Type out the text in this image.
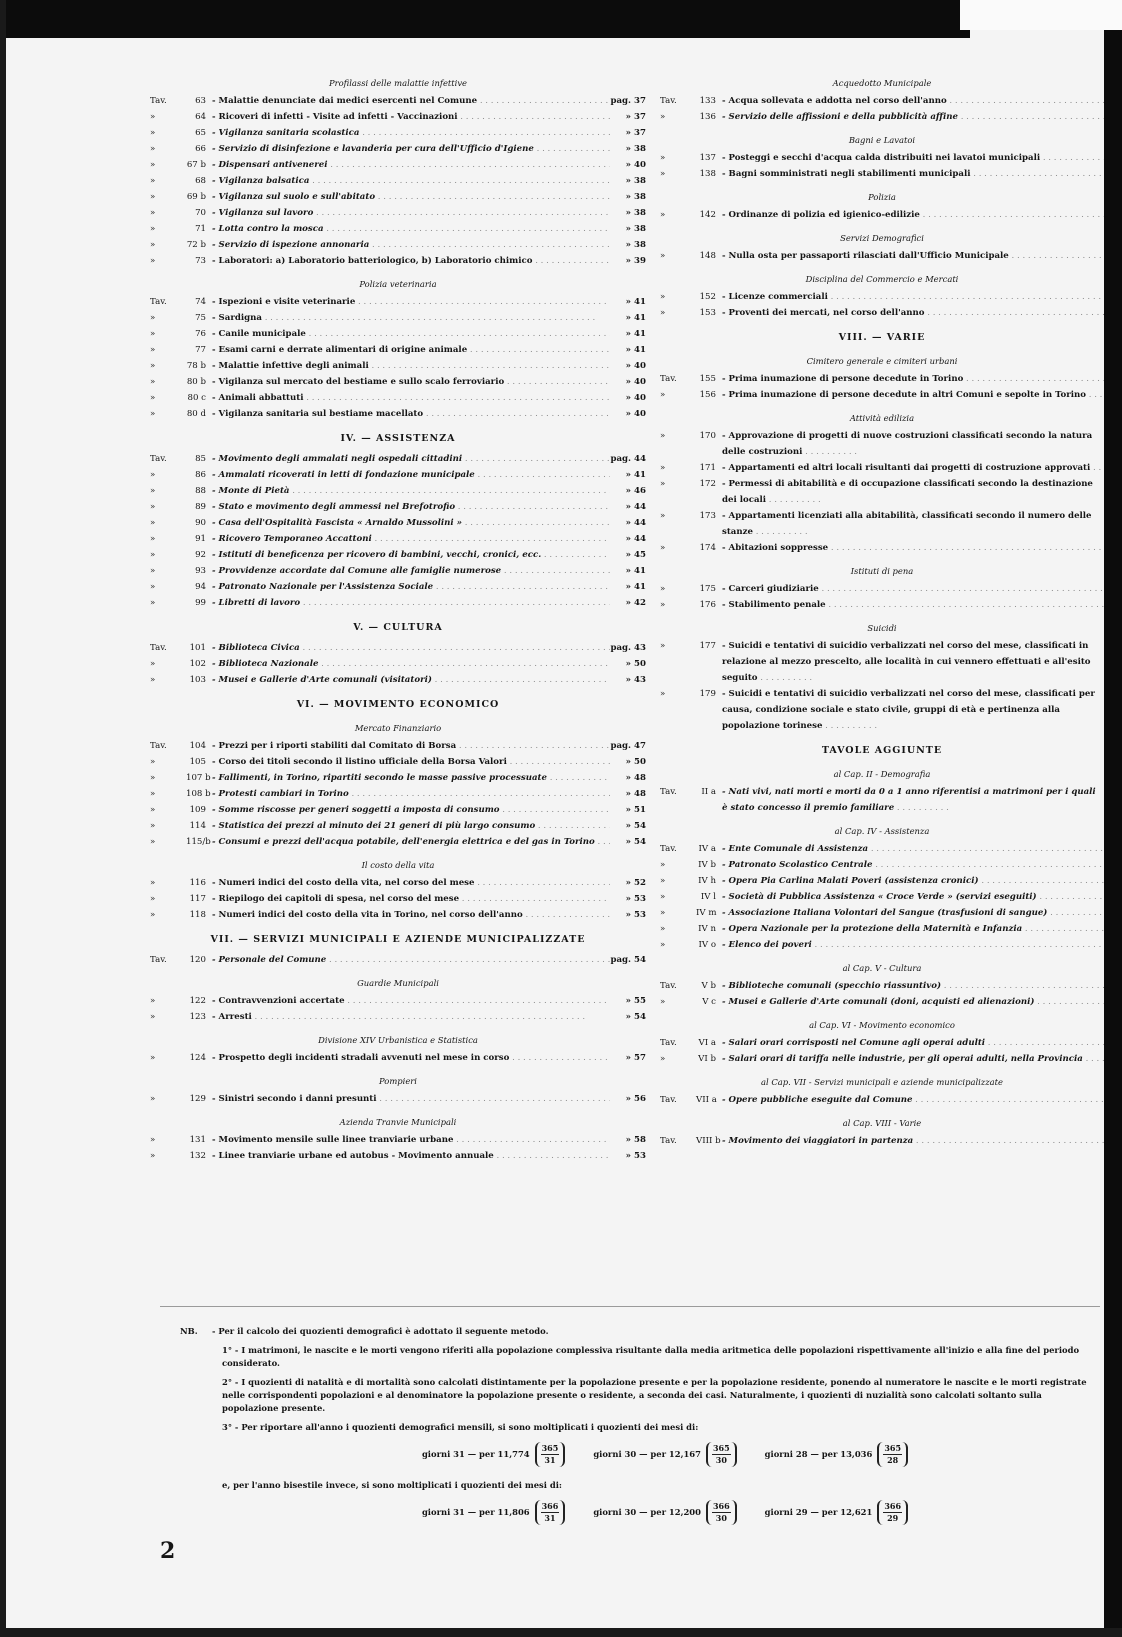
Profilassi delle malattie infettive
Tav.	63 - Malattie denunciate dai medici esercenti nel Comune . . .	pag. 37
»	64 - Ricoveri di infetti - Visite ad infetti - Vaccinazioni . . .	» 37
»	65 - Vigilanza sanitaria scolastica . . .	» 37
»	66 - Servizio di disinfezione e lavanderia per cura dell'Ufficio d'Igiene . . .	» 38
»	67 b - Dispensari antivenerei . . .	» 40
»	68 - Vigilanza balsatica . . .	» 38
»	69 b - Vigilanza sul suolo e sull'abitato . . .	» 38
»	70 - Vigilanza sul lavoro . . .	» 38
»	71 - Lotta contro la mosca . . .	» 38
»	72 b - Servizio di ispezione annonaria . . .	» 38
»	73 - Laboratori: a) Laboratorio batteriologico, b) Laboratorio chimico . . .	» 39
Polizia veterinaria
Tav.	74 - Ispezioni e visite veterinarie . . .	» 41
»	75 - Sardigna . . .	» 41
»	76 - Canile municipale . . .	» 41
»	77 - Esami carni e derrate alimentari di origine animale . . .	» 41
»	78 b - Malattie infettive degli animali . . .	» 40
»	80 b - Vigilanza sul mercato del bestiame e sullo scalo ferroviario . . .	» 40
»	80 c - Animali abbattuti . . .	» 40
»	80 d - Vigilanza sanitaria sul bestiame macellato . . .	» 40
IV. — ASSISTENZA
Tav.	85 - Movimento degli ammalati negli ospedali cittadini . . .	pag. 44
»	86 - Ammalati ricoverati in letti di fondazione municipale . . .	» 41
»	88 - Monte di Pietà . . .	» 46
»	89 - Stato e movimento degli ammessi nel Brefotrofio . . .	» 44
»	90 - Casa dell'Ospitalità Fascista « Arnaldo Mussolini » . . .	» 44
»	91 - Ricovero Temporaneo Accattoni . . .	» 44
»	92 - Istituti di beneficenza per ricovero di bambini, vecchi, cronici, ecc. . . .	» 45
»	93 - Provvidenze accordate dal Comune alle famiglie numerose . . .	» 41
»	94 - Patronato Nazionale per l'Assistenza Sociale . . .	» 41
»	99 - Libretti di lavoro . . .	» 42
V. — CULTURA
Tav.	101 - Biblioteca Civica . . .	pag. 43
»	102 - Biblioteca Nazionale . . .	» 50
»	103 - Musei e Gallerie d'Arte comunali (visitatori) . . .	» 43
VI. — MOVIMENTO ECONOMICO
Mercato Finanziario
Tav.	104 - Prezzi per i riporti stabiliti dal Comitato di Borsa . . .	pag. 47
»	105 - Corso dei titoli secondo il listino ufficiale della Borsa Valori . . .	» 50
»	107 b - Fallimenti, in Torino, ripartiti secondo le masse passive processuate . . .	» 48
»	108 b - Protesti cambiari in Torino . . .	» 48
»	109 - Somme riscosse per generi soggetti a imposta di consumo . . .	» 51
»	114 - Statistica dei prezzi al minuto dei 21 generi di più largo consumo . . .	» 54
»	115/b - Consumi e prezzi dell'acqua potabile, dell'energia elettrica e del gas in Torino . . .	» 54
Il costo della vita
»	116 - Numeri indici del costo della vita, nel corso del mese . . .	» 52
»	117 - Riepilogo dei capitoli di spesa, nel corso del mese . . .	» 53
»	118 - Numeri indici del costo della vita in Torino, nel corso dell'anno . . .	» 53
VII. — SERVIZI MUNICIPALI E AZIENDE MUNICIPALIZZATE
Tav.	120 - Personale del Comune . . .	pag. 54
Guardie Municipali
»	122 - Contravvenzioni accertate . . .	» 55
»	123 - Arresti . . .	» 54
Divisione XIV Urbanistica e Statistica
»	124 - Prospetto degli incidenti stradali avvenuti nel mese in corso . . .	» 57
Pompieri
»	129 - Sinistri secondo i danni presunti . . .	» 56
Azienda Tranvie Municipali
»	131 - Movimento mensile sulle linee tranviarie urbane . . .	» 58
»	132 - Linee tranviarie urbane ed autobus - Movimento annuale . . .	» 53
Acquedotto Municipale
Tav.	133 - Acqua sollevata e addotta nel corso dell'anno . . .
»	136 - Servizio delle affissioni e della pubblicità affine . . .
Bagni e Lavatoi
»	137 - Posteggi e secchi d'acqua calda distribuiti nei lavatoi municipali . . .
»	138 - Bagni somministrati negli stabilimenti municipali . . .
Polizia
»	142 - Ordinanze di polizia ed igienico-edilizie . . .
Servizi Demografici
»	148 - Nulla osta per passaporti rilasciati dall'Ufficio Municipale . . .
Disciplina del Commercio e Mercati
»	152 - Licenze commerciali . . .
»	153 - Proventi dei mercati, nel corso dell'anno . . .
VIII. — VARIE
Cimitero generale e cimiteri urbani
Tav.	155 - Prima inumazione di persone decedute in Torino . . .
»	156 - Prima inumazione di persone decedute in altri Comuni e sepolte in Torino . . .
Attività edilizia
»	170 - Approvazione di progetti di nuove costruzioni classificati secondo la natura delle costruzioni . . .
»	171 - Appartamenti ed altri locali risultanti dai progetti di costruzione approvati . . .
»	172 - Permessi di abitabilità e di occupazione classificati secondo la destinazione dei locali . . .
»	173 - Appartamenti licenziati alla abitabilità, classificati secondo il numero delle stanze . . .
»	174 - Abitazioni soppresse . . .
Istituti di pena
»	175 - Carceri giudiziarie . . .
»	176 - Stabilimento penale . . .
Suicidi
»	177 - Suicidi e tentativi di suicidio verbalizzati nel corso del mese, classificati in relazione al mezzo prescelto, alle località in cui vennero effettuati e all'esito seguito . . .
»	179 - Suicidi e tentativi di suicidio verbalizzati nel corso del mese, classificati per causa, condizione sociale e stato civile, gruppi di età e pertinenza alla popolazione torinese . . .
TAVOLE AGGIUNTE
al Cap. II - Demografia
Tav.	II a - Nati vivi, nati morti e morti da 0 a 1 anno riferentisi a matrimoni per i quali è stato concesso il premio familiare . . .
al Cap. IV - Assistenza
Tav.	IV a - Ente Comunale di Assistenza . . .
»	IV b - Patronato Scolastico Centrale . . .
»	IV h - Opera Pia Carlina Malati Poveri (assistenza cronici) . . .
»	IV l - Società di Pubblica Assistenza « Croce Verde » (servizi eseguiti) . . .
»	IV m - Associazione Italiana Volontari del Sangue (trasfusioni di sangue) . . .
»	IV n - Opera Nazionale per la protezione della Maternità e Infanzia . . .
»	IV o - Elenco dei poveri . . .
al Cap. V - Cultura
Tav.	V b - Biblioteche comunali (specchio riassuntivo) . . .
»	V c - Musei e Gallerie d'Arte comunali (doni, acquisti ed alienazioni) . . .
al Cap. VI - Movimento economico
Tav.	VI a - Salari orari corrisposti nel Comune agli operai adulti . . .
»	VI b - Salari orari di tariffa nelle industrie, per gli operai adulti, nella Provincia . . .
al Cap. VII - Servizi municipali e aziende municipalizzate
Tav.	VII a - Opere pubbliche eseguite dal Comune . . .
al Cap. VIII - Varie
Tav.	VIII b - Movimento dei viaggiatori in partenza . . .

NB. - Per il calcolo dei quozienti demografici è adottato il seguente metodo.

1° - I matrimoni, le nascite e le morti vengono riferiti alla popolazione complessiva risultante dalla media aritmetica delle popolazioni rispettivamente all'inizio e alla fine del periodo considerato.

2° - I quozienti di natalità e di mortalità sono calcolati distintamente per la popolazione presente e per la popolazione residente, ponendo al numeratore le nascite e le morti registrate nelle corrispondenti popolazioni e al denominatore la popolazione presente o residente, a seconda dei casi. Naturalmente, i quozienti di nuzialità sono calcolati soltanto sulla popolazione presente.

3° - Per riportare all'anno i quozienti demografici mensili, si sono moltiplicati i quozienti dei mesi di:

giorni 31 — per $11,774 \frac{365}{31}$	giorni 30 — per $12,167 \frac{365}{30}$	giorni 28 — per $13,036 \frac{365}{28}$

e, per l'anno bisestile invece, si sono moltiplicati i quozienti dei mesi di:

giorni 31 — per $11,806 \frac{366}{31}$	giorni 30 — per $12,200 \frac{366}{30}$	giorni 29 — per $12,621 \frac{366}{29}$
2
